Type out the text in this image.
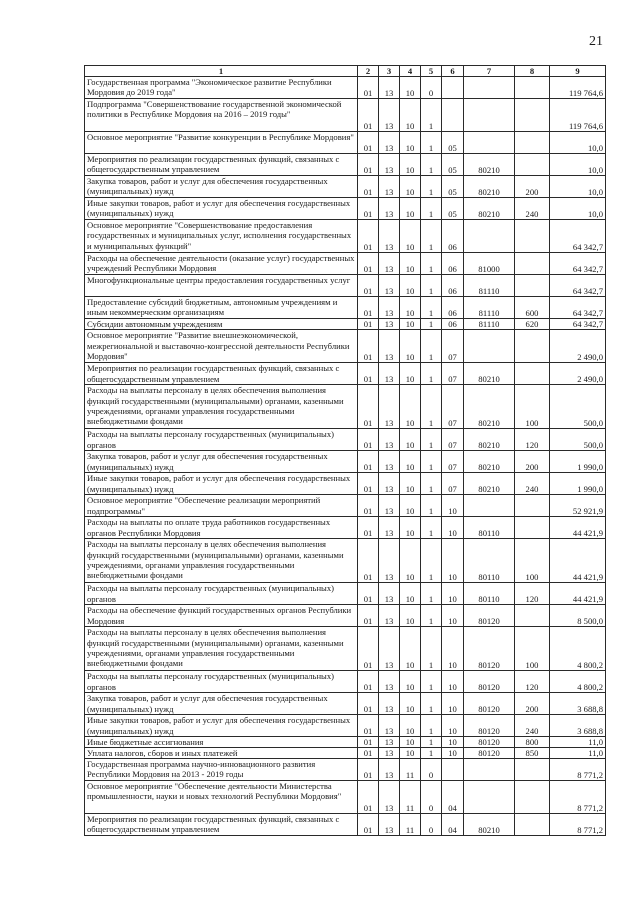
21
1	2	3	4	5	6	7	8	9
Государственная программа "Экономическое развитие Республики Мордовия до 2019 года"	01	13	10	0				119 764,6
Подпрограмма "Совершенствование государственной экономической политики в Республике Мордовия на 2016 – 2019 годы"	01	13	10	1				119 764,6
Основное мероприятие "Развитие конкуренции в Республике Мордовия"	01	13	10	1	05			10,0
Мероприятия по реализации государственных функций, связанных с общегосударственным управлением	01	13	10	1	05	80210		10,0
Закупка товаров, работ и услуг для обеспечения государственных (муниципальных) нужд	01	13	10	1	05	80210	200	10,0
Иные закупки товаров, работ и услуг для обеспечения государственных (муниципальных) нужд	01	13	10	1	05	80210	240	10,0
Основное мероприятие "Совершенствование предоставления государственных и муниципальных услуг, исполнения государственных и муниципальных функций"	01	13	10	1	06			64 342,7
Расходы на обеспечение деятельности (оказание услуг) государственных учреждений Республики Мордовия	01	13	10	1	06	81000		64 342,7
Многофункциональные центры предоставления государственных услуг	01	13	10	1	06	81110		64 342,7
Предоставление субсидий бюджетным, автономным учреждениям и иным некоммерческим организациям	01	13	10	1	06	81110	600	64 342,7
Субсидии автономным учреждениям	01	13	10	1	06	81110	620	64 342,7
Основное мероприятие "Развитие внешнеэкономической, межрегиональной и выставочно-конгрессной деятельности Республики Мордовия"	01	13	10	1	07			2 490,0
Мероприятия по реализации государственных функций, связанных с общегосударственным управлением	01	13	10	1	07	80210		2 490,0
Расходы на выплаты персоналу в целях обеспечения выполнения функций государственными (муниципальными) органами, казенными учреждениями, органами управления государственными внебюджетными фондами	01	13	10	1	07	80210	100	500,0
Расходы на выплаты персоналу государственных (муниципальных) органов	01	13	10	1	07	80210	120	500,0
Закупка товаров, работ и услуг для обеспечения государственных (муниципальных) нужд	01	13	10	1	07	80210	200	1 990,0
Иные закупки товаров, работ и услуг для обеспечения государственных (муниципальных) нужд	01	13	10	1	07	80210	240	1 990,0
Основное мероприятие "Обеспечение реализации мероприятий подпрограммы"	01	13	10	1	10			52 921,9
Расходы на выплаты по оплате труда работников государственных органов Республики Мордовия	01	13	10	1	10	80110		44 421,9
Расходы на выплаты персоналу в целях обеспечения выполнения функций государственными (муниципальными) органами, казенными учреждениями, органами управления государственными внебюджетными фондами	01	13	10	1	10	80110	100	44 421,9
Расходы на выплаты персоналу государственных (муниципальных) органов	01	13	10	1	10	80110	120	44 421,9
Расходы на обеспечение функций государственных органов Республики Мордовия	01	13	10	1	10	80120		8 500,0
Расходы на выплаты персоналу в целях обеспечения выполнения функций государственными (муниципальными) органами, казенными учреждениями, органами управления государственными внебюджетными фондами	01	13	10	1	10	80120	100	4 800,2
Расходы на выплаты персоналу государственных (муниципальных) органов	01	13	10	1	10	80120	120	4 800,2
Закупка товаров, работ и услуг для обеспечения государственных (муниципальных) нужд	01	13	10	1	10	80120	200	3 688,8
Иные закупки товаров, работ и услуг для обеспечения государственных (муниципальных) нужд	01	13	10	1	10	80120	240	3 688,8
Иные бюджетные ассигнования	01	13	10	1	10	80120	800	11,0
Уплата налогов, сборов и иных платежей	01	13	10	1	10	80120	850	11,0
Государственная программа научно-инновационного развития Республики Мордовия на 2013 - 2019 годы	01	13	11	0				8 771,2
Основное мероприятие "Обеспечение деятельности Министерства промышленности, науки и новых технологий Республики Мордовия"	01	13	11	0	04			8 771,2
Мероприятия по реализации государственных функций, связанных с общегосударственным управлением	01	13	11	0	04	80210		8 771,2
